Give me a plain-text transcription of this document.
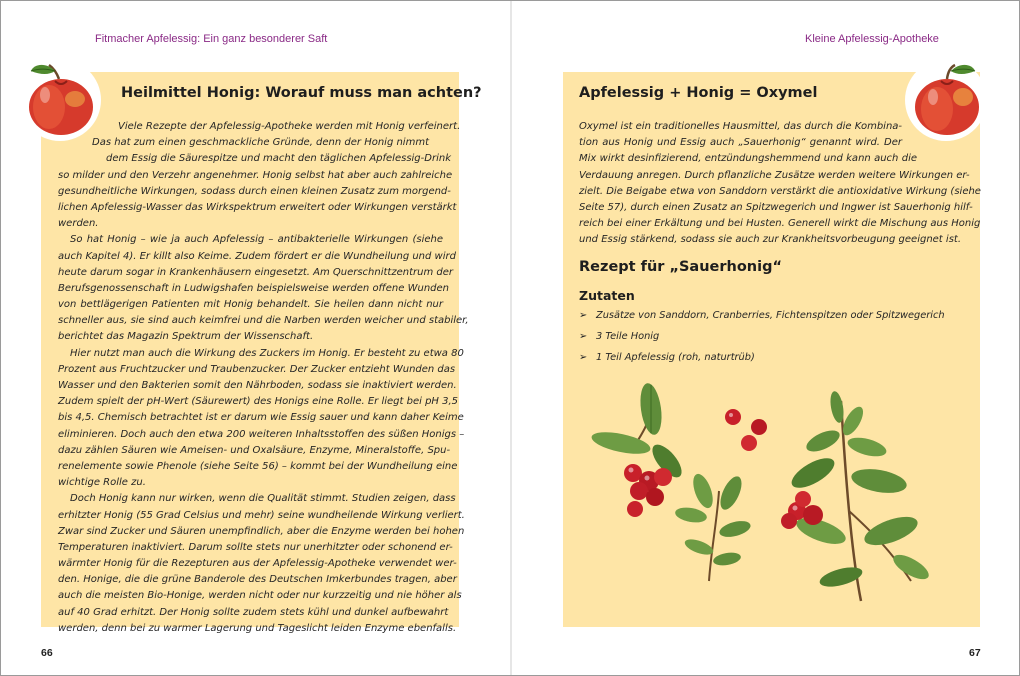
Fitmacher Apfelessig: Ein ganz besonderer Saft	Kleine Apfelessig-Apotheke
Heilmittel Honig: Worauf muss man achten?
Viele Rezepte der Apfelessig-Apotheke werden mit Honig verfeinert.
Das hat zum einen geschmackliche Gründe, denn der Honig nimmt
dem Essig die Säurespitze und macht den täglichen Apfelessig-Drink
so milder und den Verzehr angenehmer. Honig selbst hat aber auch zahlreiche
gesundheitliche Wirkungen, sodass durch einen kleinen Zusatz zum morgend-
lichen Apfelessig-Wasser das Wirkspektrum erweitert oder Wirkungen verstärkt
werden.
So hat Honig – wie ja auch Apfelessig – antibakterielle Wirkungen (siehe
auch Kapitel 4). Er killt also Keime. Zudem fördert er die Wundheilung und wird
heute darum sogar in Krankenhäusern eingesetzt. Am Querschnittzentrum der
Berufsgenossenschaft in Ludwigshafen beispielsweise werden offene Wunden
von bettlägerigen Patienten mit Honig behandelt. Sie heilen dann nicht nur
schneller aus, sie sind auch keimfrei und die Narben werden weicher und stabiler,
berichtet das Magazin Spektrum der Wissenschaft.
Hier nutzt man auch die Wirkung des Zuckers im Honig. Er besteht zu etwa 80
Prozent aus Fruchtzucker und Traubenzucker. Der Zucker entzieht Wunden das
Wasser und den Bakterien somit den Nährboden, sodass sie inaktiviert werden.
Zudem spielt der pH-Wert (Säurewert) des Honigs eine Rolle. Er liegt bei pH 3,5
bis 4,5. Chemisch betrachtet ist er darum wie Essig sauer und kann daher Keime
eliminieren. Doch auch den etwa 200 weiteren Inhaltsstoffen des süßen Honigs –
dazu zählen Säuren wie Ameisen- und Oxalsäure, Enzyme, Mineralstoffe, Spu-
renelemente sowie Phenole (siehe Seite 56) – kommt bei der Wundheilung eine
wichtige Rolle zu.
Doch Honig kann nur wirken, wenn die Qualität stimmt. Studien zeigen, dass
erhitzter Honig (55 Grad Celsius und mehr) seine wundheilende Wirkung verliert.
Zwar sind Zucker und Säuren unempfindlich, aber die Enzyme werden bei hohen
Temperaturen inaktiviert. Darum sollte stets nur unerhitzter oder schonend er-
wärmter Honig für die Rezepturen aus der Apfelessig-Apotheke verwendet wer-
den. Honige, die die grüne Banderole des Deutschen Imkerbundes tragen, aber
auch die meisten Bio-Honige, werden nicht oder nur kurzzeitig und nie höher als
auf 40 Grad erhitzt. Der Honig sollte zudem stets kühl und dunkel aufbewahrt
werden, denn bei zu warmer Lagerung und Tageslicht leiden Enzyme ebenfalls.
Apfelessig + Honig = Oxymel
Oxymel ist ein traditionelles Hausmittel, das durch die Kombina-
tion aus Honig und Essig auch „Sauerhonig“ genannt wird. Der
Mix wirkt desinfizierend, entzündungshemmend und kann auch die
Verdauung anregen. Durch pflanzliche Zusätze werden weitere Wirkungen er-
zielt. Die Beigabe etwa von Sanddorn verstärkt die antioxidative Wirkung (siehe
Seite 57), durch einen Zusatz an Spitzwegerich und Ingwer ist Sauerhonig hilf-
reich bei einer Erkältung und bei Husten. Generell wirkt die Mischung aus Honig
und Essig stärkend, sodass sie auch zur Krankheitsvorbeugung geeignet ist.
Rezept für „Sauerhonig“
Zutaten
➢ Zusätze von Sanddorn, Cranberries, Fichtenspitzen oder Spitzwegerich
➢ 3 Teile Honig
➢ 1 Teil Apfelessig (roh, naturtrüb)
66	67
